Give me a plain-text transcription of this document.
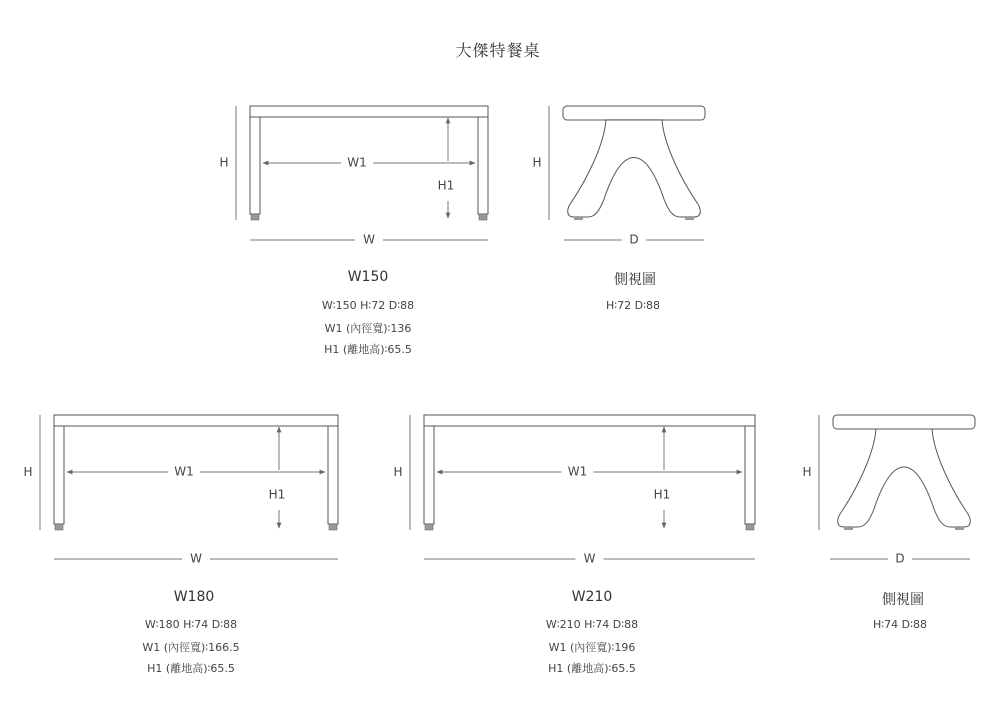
H	W1
H1
W
H
D
H	W1
H1
W
H	W1
H1
W
H
D
大傑特餐桌
W150
W∶150 H∶72 D∶88
W1 (內徑寬)∶136
H1 (離地高)∶65.5
側視圖
H∶72 D∶88
W180
W∶180 H∶74 D∶88
W1 (內徑寬)∶166.5
H1 (離地高)∶65.5
W210
W∶210 H∶74 D∶88
W1 (內徑寬)∶196
H1 (離地高)∶65.5
側視圖
H∶74 D∶88
